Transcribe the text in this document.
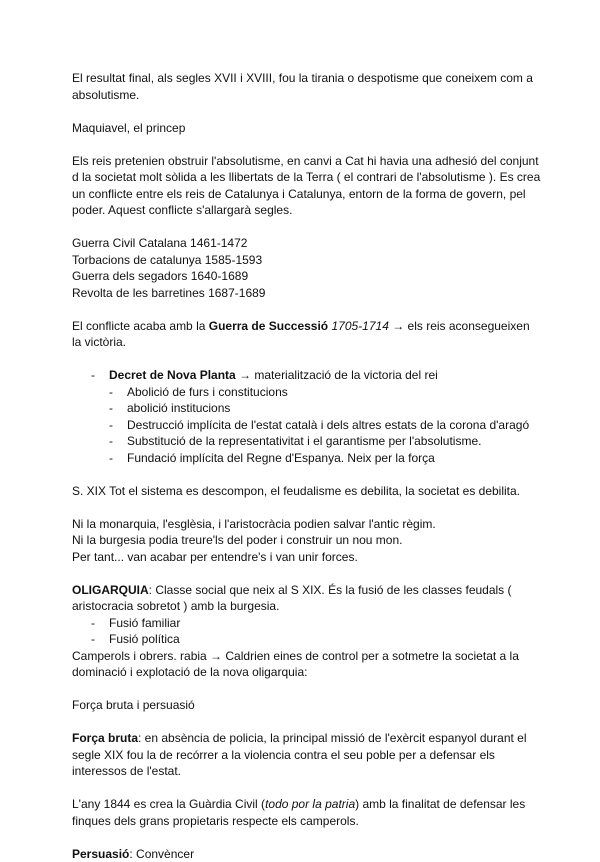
El resultat final, als segles XVII i XVIII, fou la tirania o despotisme que coneixem com a absolutisme.

Maquiavel, el princep

Els reis pretenien obstruir l'absolutisme, en canvi a Cat hi havia una adhesió del conjunt d la societat molt sòlida a les llibertats de la Terra ( el contrari de l'absolutisme ). Es crea un conflicte entre els reis de Catalunya i Catalunya, entorn de la forma de govern, pel poder. Aquest conflicte s'allargarà segles.

Guerra Civil Catalana 1461-1472

Torbacions de catalunya 1585-1593

Guerra dels segadors 1640-1689

Revolta de les barretines 1687-1689

El conflicte acaba amb la Guerra de Successió 1705-1714 → els reis aconsegueixen la victòria.

- Decret de Nova Planta → materialització de la victoria del rei
- Abolició de furs i constitucions
- abolició institucions
- Destrucció implícita de l'estat català i dels altres estats de la corona d'aragó
- Substitució de la representativitat i el garantisme per l'absolutisme.
- Fundació implícita del Regne d'Espanya. Neix per la força

S. XIX Tot el sistema es descompon, el feudalisme es debilita, la societat es debilita.

Ni la monarquia, l'esglèsia, i l'aristocràcia podien salvar l'antic règim.

Ni la burgesia podia treure'ls del poder i construir un nou mon.

Per tant... van acabar per entendre's i van unir forces.

OLIGARQUIA: Classe social que neix al S XIX. És la fusió de les classes feudals ( aristocracia sobretot ) amb la burgesia.

- Fusió familiar
- Fusió política

Camperols i obrers. rabia → Caldrien eines de control per a sotmetre la societat a la dominació i explotació de la nova oligarquia:

Força bruta i persuasió

Força bruta: en absència de policia, la principal missió de l'exèrcit espanyol durant el segle XIX fou la de recórrer a la violencia contra el seu poble per a defensar els interessos de l'estat.

L'any 1844 es crea la Guàrdia Civil (todo por la patria) amb la finalitat de defensar les finques dels grans propietaris respecte els camperols.

Persuasió: Convèncer
